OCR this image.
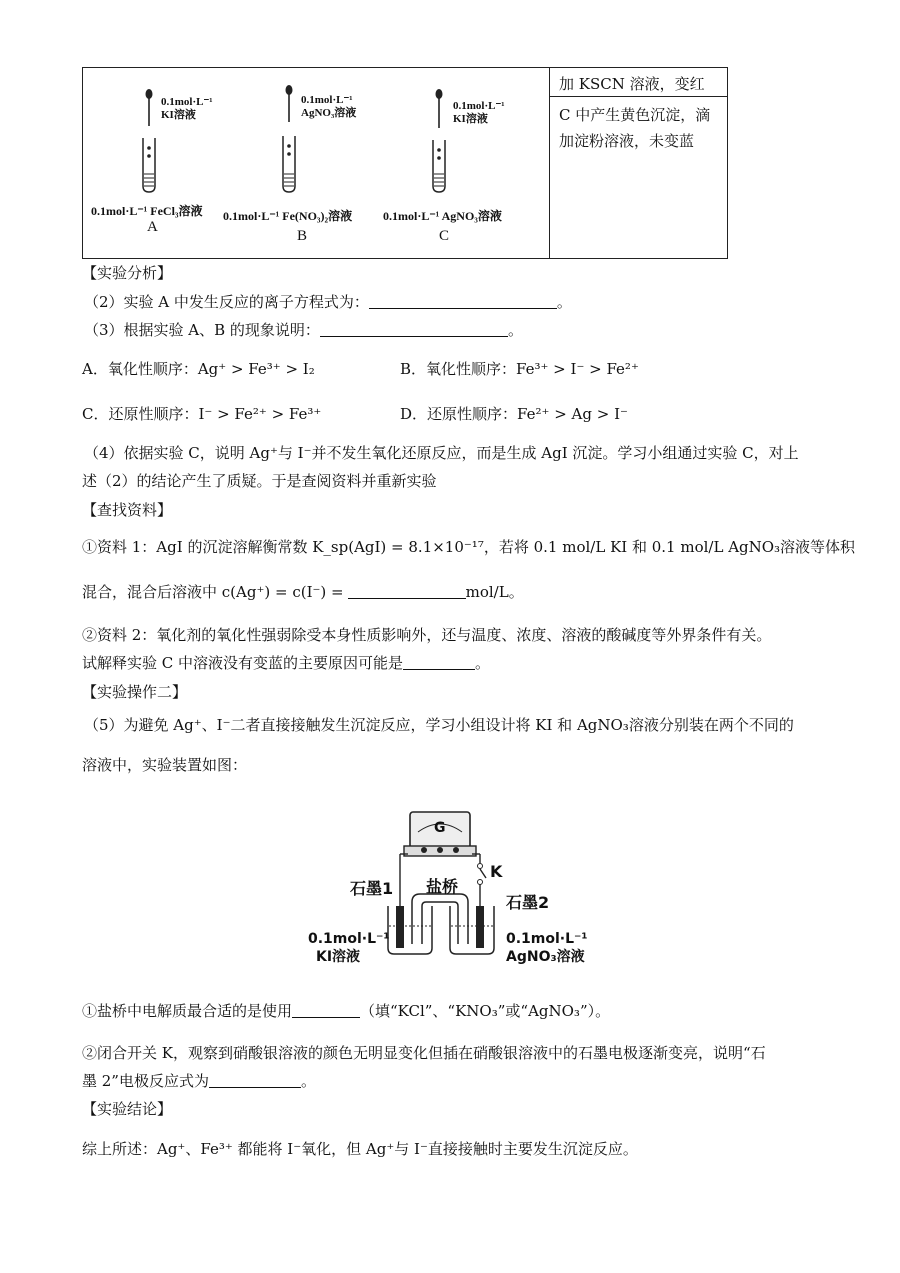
加 KSCN 溶液，变红
C 中产生黄色沉淀，滴加淀粉溶液，未变蓝
0.1mol·L⁻¹
KI溶液
0.1mol·L⁻¹
AgNO₃溶液
0.1mol·L⁻¹
KI溶液
0.1mol·L⁻¹ FeCl₃溶液 0.1mol·L⁻¹ Fe(NO₃)₂溶液	0.1mol·L⁻¹ AgNO₃溶液
A
B	C
【实验分析】
（2）实验 A 中发生反应的离子方程式为：	。
（3）根据实验 A、B 的现象说明：	。
A．氧化性顺序：Ag⁺ > Fe³⁺ > I₂	B．氧化性顺序：Fe³⁺ > I⁻ > Fe²⁺
C．还原性顺序：I⁻ > Fe²⁺ > Fe³⁺	D．还原性顺序：Fe²⁺ > Ag > I⁻
（4）依据实验 C，说明 Ag⁺与 I⁻并不发生氧化还原反应，而是生成 AgI 沉淀。学习小组通过实验 C，对上
述（2）的结论产生了质疑。于是查阅资料并重新实验
【查找资料】
①资料 1：AgI 的沉淀溶解衡常数 K_sp(AgI) = 8.1×10⁻¹⁷，若将 0.1 mol/L KI 和 0.1 mol/L AgNO₃溶液等体积
混合，混合后溶液中 c(Ag⁺) = c(I⁻) =	mol/L。
②资料 2：氧化剂的氧化性强弱除受本身性质影响外，还与温度、浓度、溶液的酸碱度等外界条件有关。
试解释实验 C 中溶液没有变蓝的主要原因可能是	。
【实验操作二】
（5）为避免 Ag⁺、I⁻二者直接接触发生沉淀反应，学习小组设计将 KI 和 AgNO₃溶液分别装在两个不同的
溶液中，实验装置如图：
G
K
石墨1 盐桥
石墨2
0.1mol·L⁻¹
KI溶液
0.1mol·L⁻¹
AgNO₃溶液
①盐桥中电解质最合适的是使用	（填“KCl”、“KNO₃”或“AgNO₃”）。
②闭合开关 K，观察到硝酸银溶液的颜色无明显变化但插在硝酸银溶液中的石墨电极逐渐变亮，说明“石
墨 2”电极反应式为	。
【实验结论】
综上所述：Ag⁺、Fe³⁺ 都能将 I⁻氧化，但 Ag⁺与 I⁻直接接触时主要发生沉淀反应。
